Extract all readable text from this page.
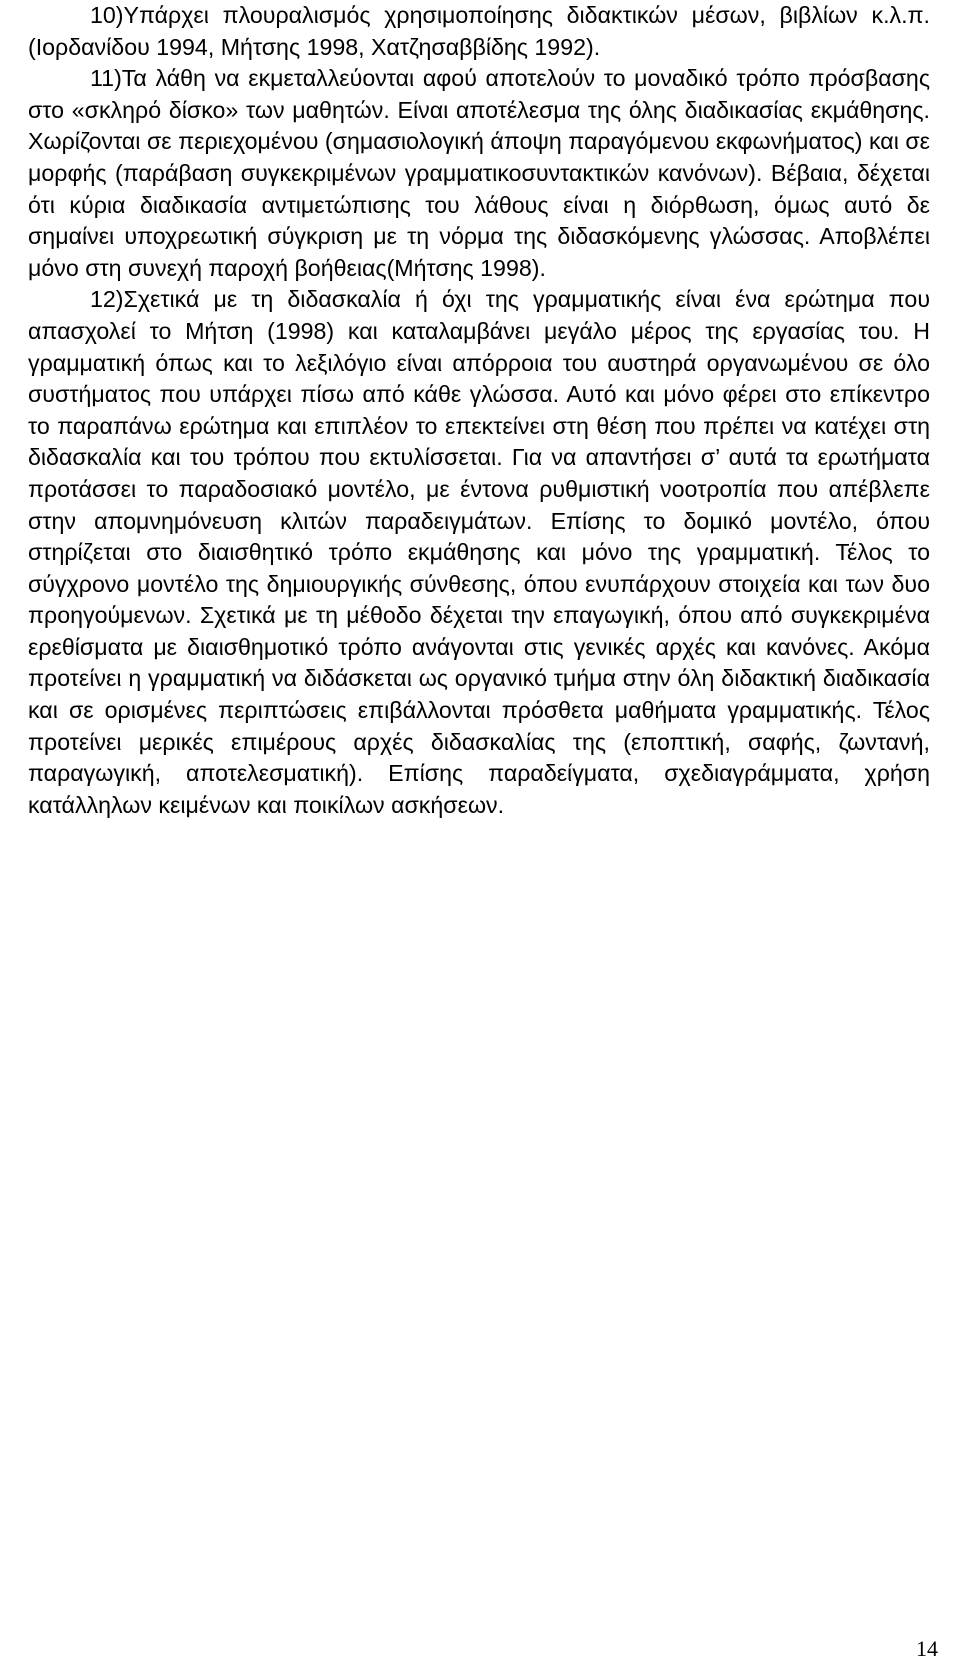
10)Υπάρχει πλουραλισμός χρησιμοποίησης διδακτικών μέσων, βιβλίων κ.λ.π. (Ιορδανίδου 1994, Μήτσης 1998, Χατζησαββίδης 1992).

11)Τα λάθη να εκμεταλλεύονται αφού αποτελούν το μοναδικό τρόπο πρόσβασης στο «σκληρό δίσκο» των μαθητών. Είναι αποτέλεσμα της όλης διαδικασίας εκμάθησης. Χωρίζονται σε περιεχομένου (σημασιολογική άποψη παραγόμενου εκφωνήματος) και σε μορφής (παράβαση συγκεκριμένων γραμματικοσυντακτικών κανόνων). Βέβαια, δέχεται ότι κύρια διαδικασία αντιμετώπισης του λάθους είναι η διόρθωση, όμως αυτό δε σημαίνει υποχρεωτική σύγκριση με τη νόρμα της διδασκόμενης γλώσσας. Αποβλέπει μόνο στη συνεχή παροχή βοήθειας(Μήτσης 1998).

12)Σχετικά με τη διδασκαλία ή όχι της γραμματικής είναι ένα ερώτημα που απασχολεί το Μήτση (1998) και καταλαμβάνει μεγάλο μέρος της εργασίας του. Η γραμματική όπως και το λεξιλόγιο είναι απόρροια του αυστηρά οργανωμένου σε όλο συστήματος που υπάρχει πίσω από κάθε γλώσσα. Αυτό και μόνο φέρει στο επίκεντρο το παραπάνω ερώτημα και επιπλέον το επεκτείνει στη θέση που πρέπει να κατέχει στη διδασκαλία και του τρόπου που εκτυλίσσεται. Για να απαντήσει σ’ αυτά τα ερωτήματα προτάσσει το παραδοσιακό μοντέλο, με έντονα ρυθμιστική νοοτροπία που απέβλεπε στην απομνημόνευση κλιτών παραδειγμάτων. Επίσης το δομικό μοντέλο, όπου στηρίζεται στο διαισθητικό τρόπο εκμάθησης και μόνο της γραμματική. Τέλος το σύγχρονο μοντέλο της δημιουργικής σύνθεσης, όπου ενυπάρχουν στοιχεία και των δυο προηγούμενων. Σχετικά με τη μέθοδο δέχεται την επαγωγική, όπου από συγκεκριμένα ερεθίσματα με διαισθημοτικό τρόπο ανάγονται στις γενικές αρχές και κανόνες. Ακόμα προτείνει η γραμματική να διδάσκεται ως οργανικό τμήμα στην όλη διδακτική διαδικασία και σε ορισμένες περιπτώσεις επιβάλλονται πρόσθετα μαθήματα γραμματικής. Τέλος προτείνει μερικές επιμέρους αρχές διδασκαλίας της (εποπτική, σαφής, ζωντανή, παραγωγική, αποτελεσματική). Επίσης παραδείγματα, σχεδιαγράμματα, χρήση κατάλληλων κειμένων και ποικίλων ασκήσεων.

14
